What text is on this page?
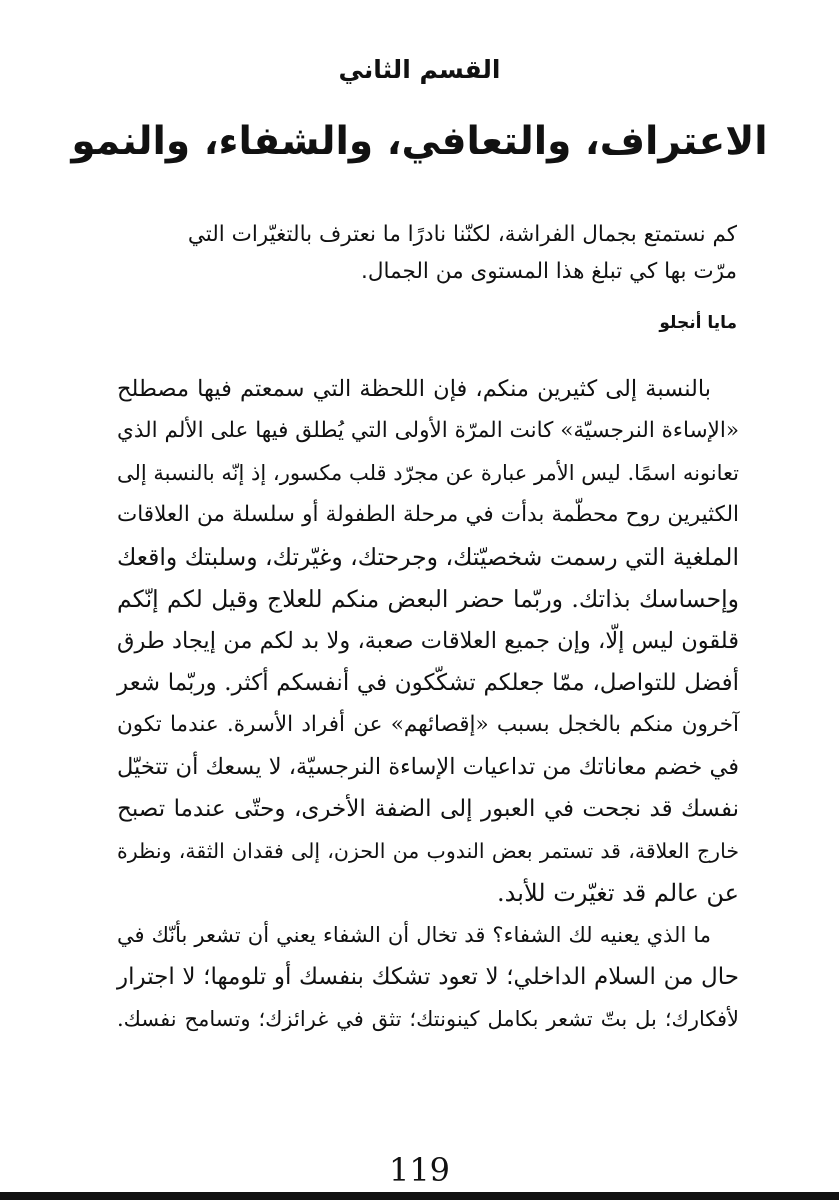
القسم الثاني
الاعتراف، والتعافي، والشفاء، والنمو
كم نستمتع بجمال الفراشة، لكنّنا نادرًا ما نعترف بالتغيّرات التي
مرّت بها كي تبلغ هذا المستوى من الجمال.
مايا أنجلو
بالنسبة إلى كثيرين منكم، فإن اللحظة التي سمعتم فيها مصطلح
«الإساءة النرجسيّة» كانت المرّة الأولى التي يُطلق فيها على الألم الذي
تعانونه اسمًا. ليس الأمر عبارة عن مجرّد قلب مكسور، إذ إنّه بالنسبة إلى
الكثيرين روح محطّمة بدأت في مرحلة الطفولة أو سلسلة من العلاقات
الملغية التي رسمت شخصيّتك، وجرحتك، وغيّرتك، وسلبتك واقعك
وإحساسك بذاتك. وربّما حضر البعض منكم للعلاج وقيل لكم إنّكم
قلقون ليس إلّا، وإن جميع العلاقات صعبة، ولا بد لكم من إيجاد طرق
أفضل للتواصل، ممّا جعلكم تشكّكون في أنفسكم أكثر. وربّما شعر
آخرون منكم بالخجل بسبب «إقصائهم» عن أفراد الأسرة. عندما تكون
في خضم معاناتك من تداعيات الإساءة النرجسيّة، لا يسعك أن تتخيّل
نفسك قد نجحت في العبور إلى الضفة الأخرى، وحتّى عندما تصبح
خارج العلاقة، قد تستمر بعض الندوب من الحزن، إلى فقدان الثقة، ونظرة
عن عالم قد تغيّرت للأبد.
ما الذي يعنيه لك الشفاء؟ قد تخال أن الشفاء يعني أن تشعر بأنّك في
حال من السلام الداخلي؛ لا تعود تشكك بنفسك أو تلومها؛ لا اجترار
لأفكارك؛ بل بتّ تشعر بكامل كينونتك؛ تثق في غرائزك؛ وتسامح نفسك.
119
